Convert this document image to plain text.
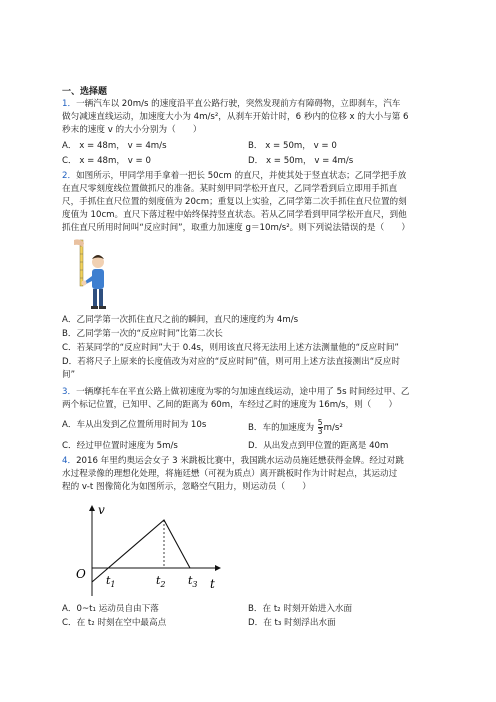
一、选择题
1．一辆汽车以 20m/s 的速度沿平直公路行驶，突然发现前方有障碍物，立即刹车，汽车
做匀减速直线运动，加速度大小为 4m/s²，从刹车开始计时，6 秒内的位移 x 的大小与第 6
秒末的速度 v 的大小分别为（　　）
A． x = 48m， v = 4m/s	B． x = 50m， v = 0
C． x = 48m， v = 0	D． x = 50m， v = 4m/s
2．如图所示，甲同学用手拿着一把长 50cm 的直尺，并使其处于竖直状态；乙同学把手放
在直尺零刻度线位置做抓尺的准备。某时刻甲同学松开直尺，乙同学看到后立即用手抓直
尺，手抓住直尺位置的刻度值为 20cm；重复以上实验，乙同学第二次手抓住直尺位置的刻
度值为 10cm。直尺下落过程中始终保持竖直状态。若从乙同学看到甲同学松开直尺，到他
抓住直尺所用时间叫“反应时间”，取重力加速度 g＝10m/s²。则下列说法错误的是（　　）
A．乙同学第一次抓住直尺之前的瞬间，直尺的速度约为 4m/s
B．乙同学第一次的“反应时间”比第二次长
C．若某同学的“反应时间”大于 0.4s，则用该直尺将无法用上述方法测量他的“反应时间”
D．若将尺子上原来的长度值改为对应的“反应时间”值，则可用上述方法直接测出“反应时
间”
3．一辆摩托车在平直公路上做初速度为零的匀加速直线运动，途中用了 5s 时间经过甲、乙
两个标记位置，已知甲、乙间的距离为 60m，车经过乙时的速度为 16m/s，则（　　）
A．车从出发到乙位置所用时间为 10s	B．车的加速度为 $\frac{5}{3} m/s^2$
C．经过甲位置时速度为 5m/s	D．从出发点到甲位置的距离是 40m
4．2016 年里约奥运会女子 3 米跳板比赛中，我国跳水运动员施廷懋获得金牌。经过对跳
水过程录像的理想化处理，将施廷懋（可视为质点）离开跳板时作为计时起点，其运动过
程的 v-t 图像简化为如图所示，忽略空气阻力，则运动员（　　）
v
t
O $t_1$	$t_2$ $t_3$
A．0~t₁ 运动员自由下落	B．在 t₂ 时刻开始进入水面
C．在 t₂ 时刻在空中最高点	D．在 t₃ 时刻浮出水面
